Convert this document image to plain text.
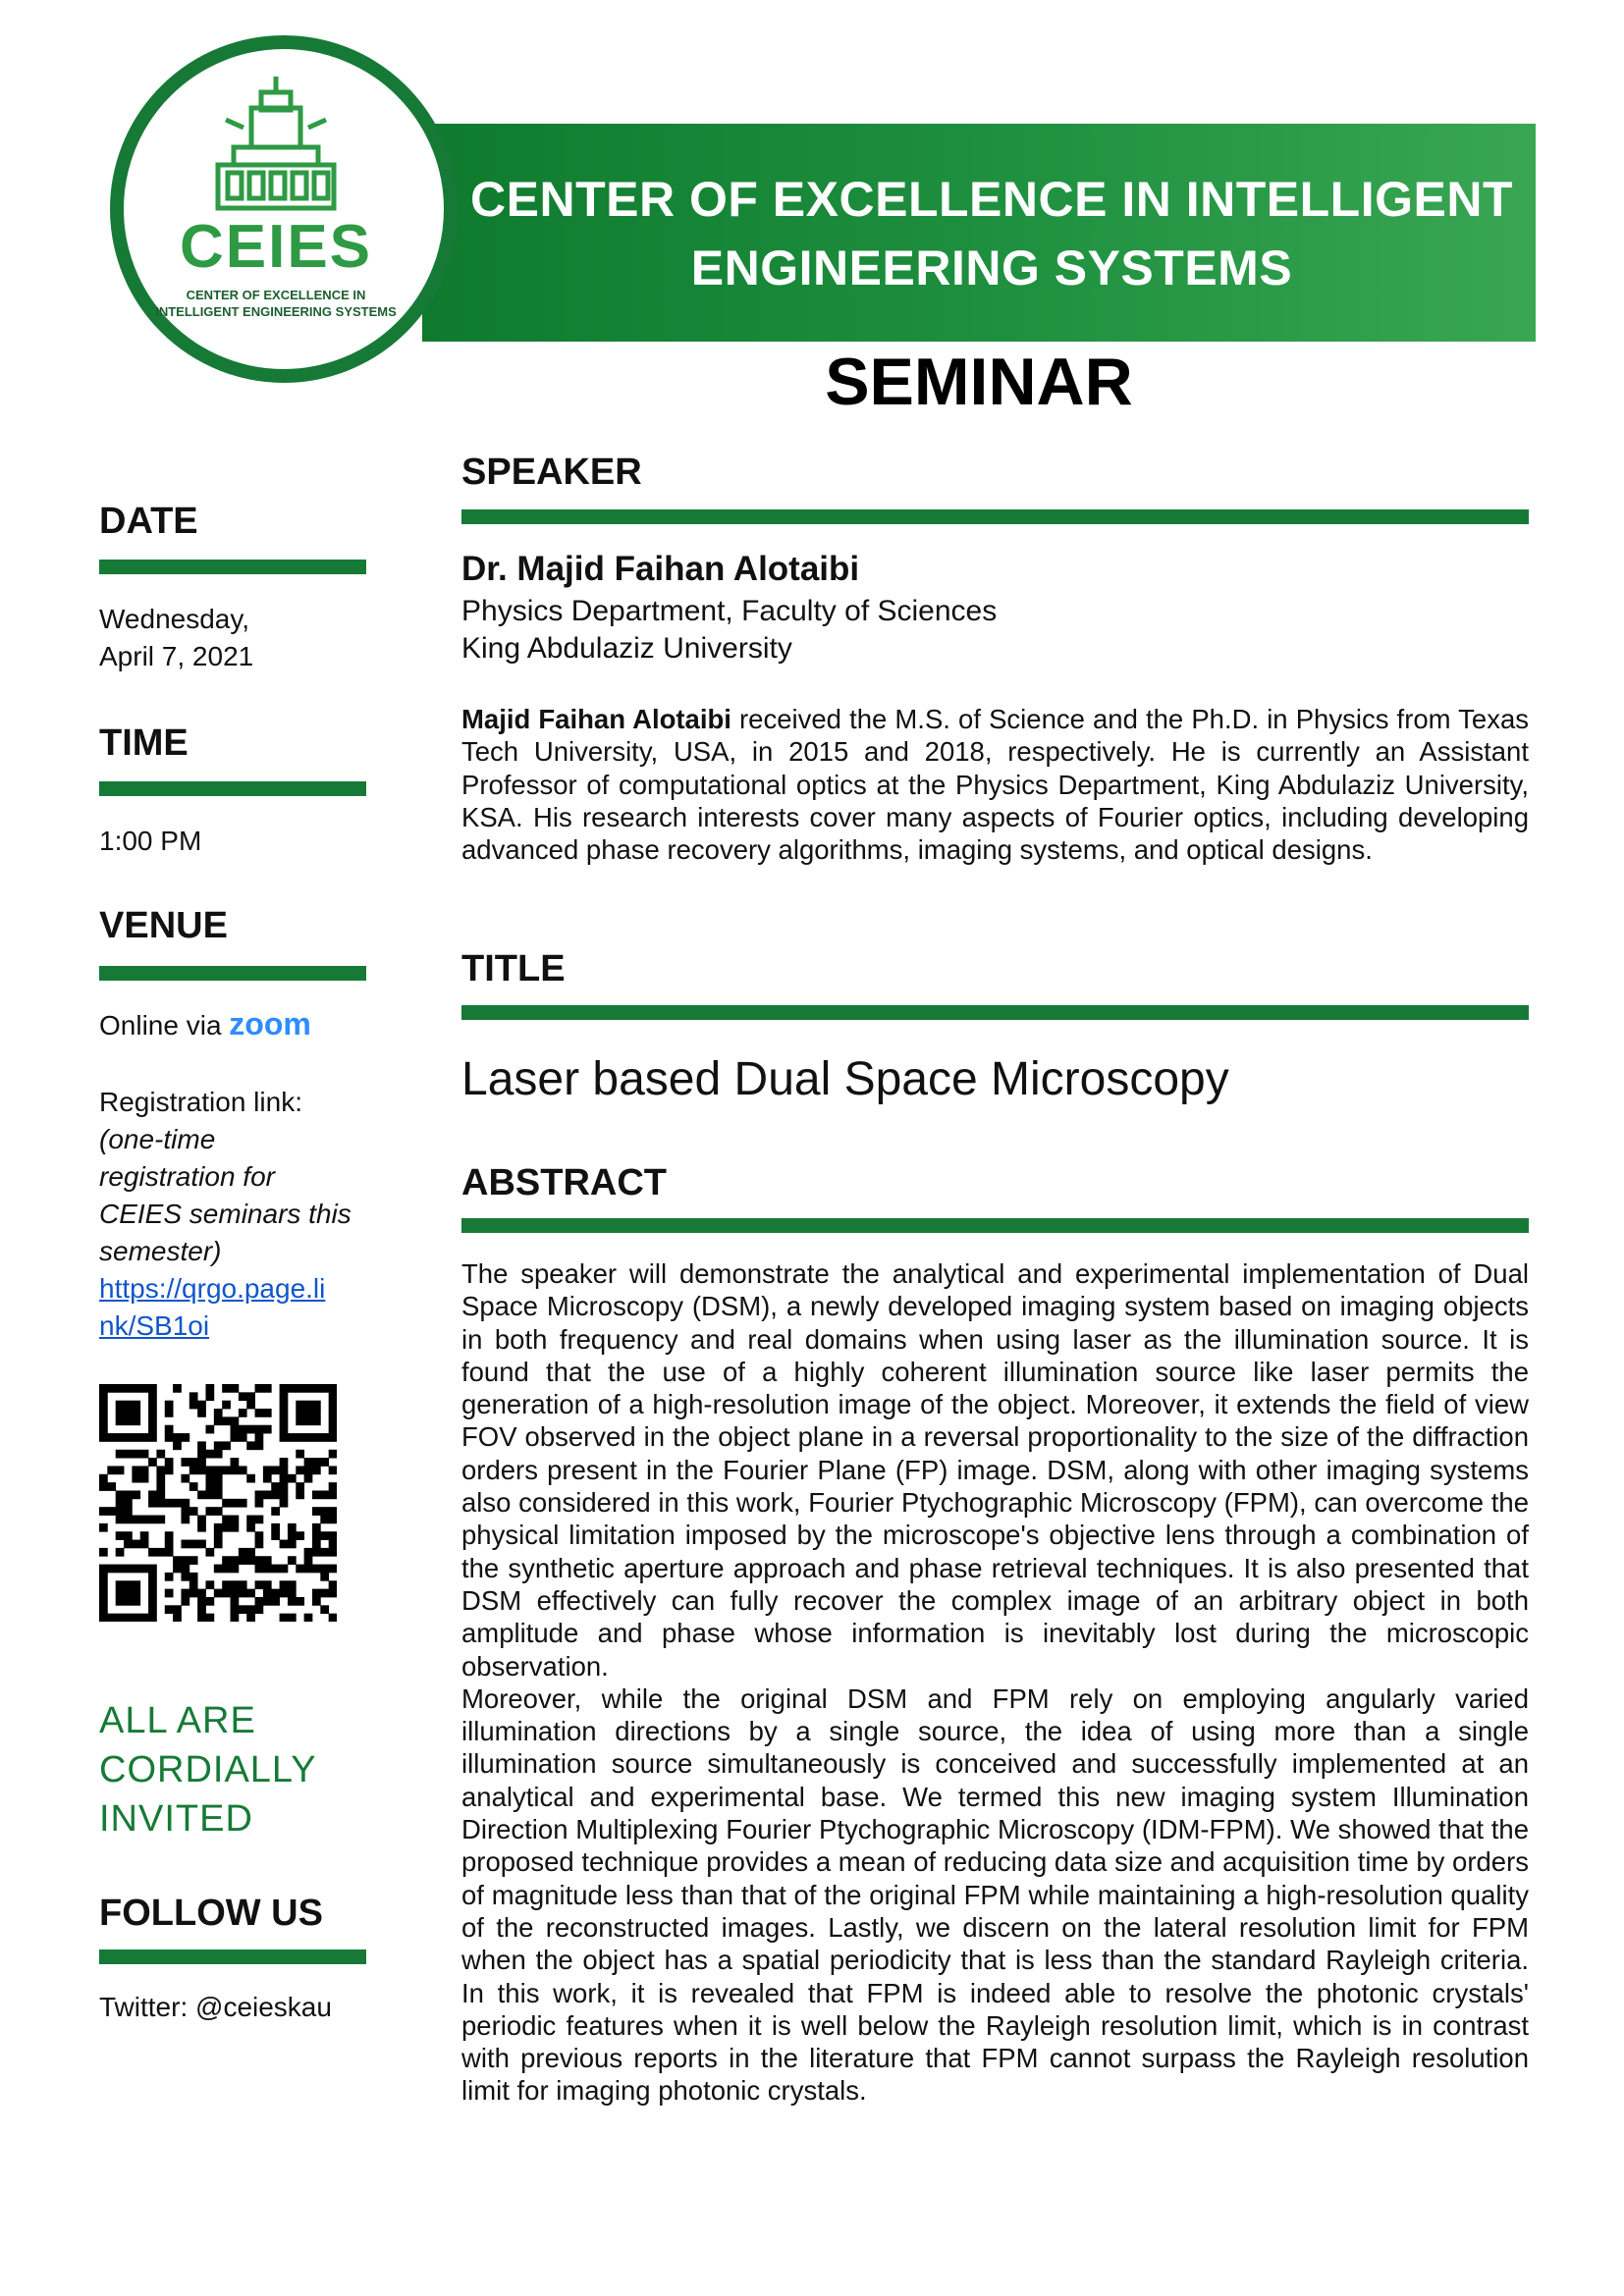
CENTER OF EXCELLENCE IN INTELLIGENT
ENGINEERING SYSTEMS
CEIES
CENTER OF EXCELLENCE IN
INTELLIGENT ENGINEERING SYSTEMS
SEMINAR
DATE
Wednesday,
April 7, 2021
TIME
1:00 PM
VENUE
Online via zoom
Registration link:
(one-time
registration for
CEIES seminars this
semester)
https://qrgo.page.li
nk/SB1oi
ALL ARE
CORDIALLY
INVITED
FOLLOW US
Twitter: @ceieskau
SPEAKER
Dr. Majid Faihan Alotaibi
Physics Department, Faculty of Sciences
King Abdulaziz University
Majid Faihan Alotaibi received the M.S. of Science and the Ph.D. in Physics from Texas Tech University, USA, in 2015 and 2018, respectively. He is currently an Assistant Professor of computational optics at the Physics Department, King Abdulaziz University, KSA. His research interests cover many aspects of Fourier optics, including developing advanced phase recovery algorithms, imaging systems, and optical designs.
TITLE
Laser based Dual Space Microscopy
ABSTRACT
The speaker will demonstrate the analytical and experimental implementation of Dual Space Microscopy (DSM), a newly developed imaging system based on imaging objects in both frequency and real domains when using laser as the illumination source. It is found that the use of a highly coherent illumination source like laser permits the generation of a high-resolution image of the object. Moreover, it extends the field of view FOV observed in the object plane in a reversal proportionality to the size of the diffraction orders present in the Fourier Plane (FP) image. DSM, along with other imaging systems also considered in this work, Fourier Ptychographic Microscopy (FPM), can overcome the physical limitation imposed by the microscope's objective lens through a combination of the synthetic aperture approach and phase retrieval techniques. It is also presented that DSM effectively can fully recover the complex image of an arbitrary object in both amplitude and phase whose information is inevitably lost during the microscopic observation.
Moreover, while the original DSM and FPM rely on employing angularly varied illumination directions by a single source, the idea of using more than a single illumination source simultaneously is conceived and successfully implemented at an analytical and experimental base. We termed this new imaging system Illumination Direction Multiplexing Fourier Ptychographic Microscopy (IDM-FPM). We showed that the proposed technique provides a mean of reducing data size and acquisition time by orders of magnitude less than that of the original FPM while maintaining a high-resolution quality of the reconstructed images. Lastly, we discern on the lateral resolution limit for FPM when the object has a spatial periodicity that is less than the standard Rayleigh criteria. In this work, it is revealed that FPM is indeed able to resolve the photonic crystals' periodic features when it is well below the Rayleigh resolution limit, which is in contrast with previous reports in the literature that FPM cannot surpass the Rayleigh resolution limit for imaging photonic crystals.
